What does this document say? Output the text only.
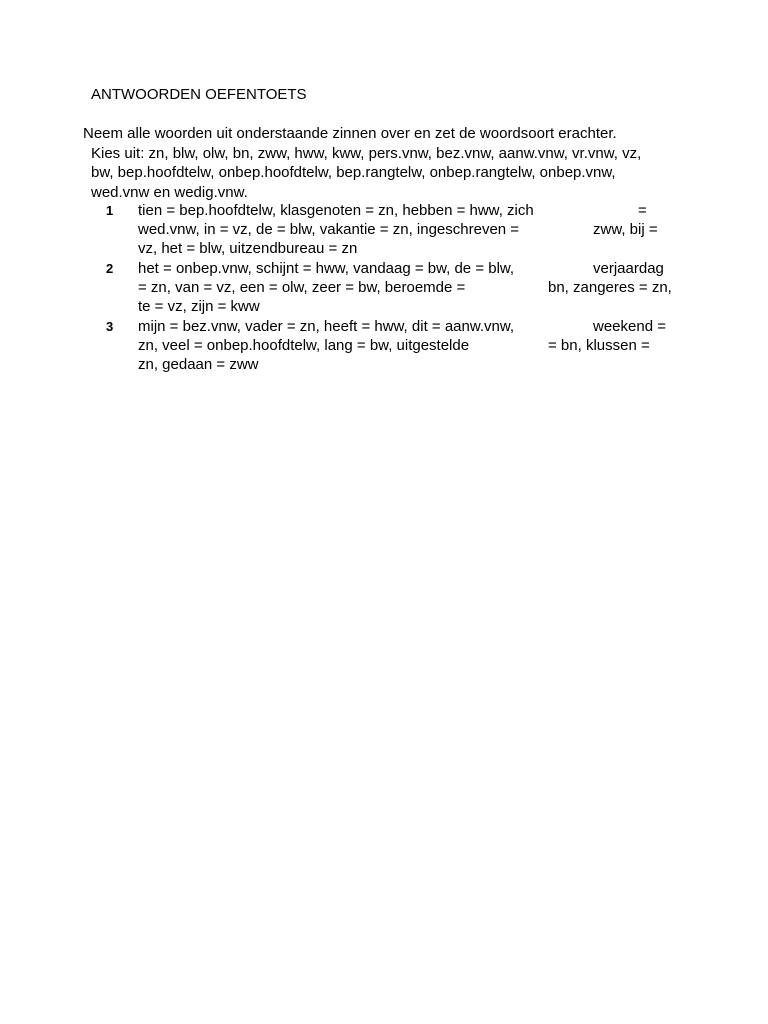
ANTWOORDEN OEFENTOETS
Neem alle woorden uit onderstaande zinnen over en zet de woordsoort erachter.
Kies uit: zn, blw, olw, bn, zww, hww, kww, pers.vnw, bez.vnw, aanw.vnw, vr.vnw, vz,
bw, bep.hoofdtelw, onbep.hoofdtelw, bep.rangtelw, onbep.rangtelw, onbep.vnw,
wed.vnw en wedig.vnw.
1 tien = bep.hoofdtelw, klasgenoten = zn, hebben = hww, zich	=
wed.vnw, in = vz, de = blw, vakantie = zn, ingeschreven =	zww, bij =
vz, het = blw, uitzendbureau = zn
2 het = onbep.vnw, schijnt = hww, vandaag = bw, de = blw,	verjaardag
= zn, van = vz, een = olw, zeer = bw, beroemde =	bn, zangeres = zn,
te = vz, zijn = kww
3 mijn = bez.vnw, vader = zn, heeft = hww, dit = aanw.vnw,	weekend =
zn, veel = onbep.hoofdtelw, lang = bw, uitgestelde	= bn, klussen =
zn, gedaan = zww
